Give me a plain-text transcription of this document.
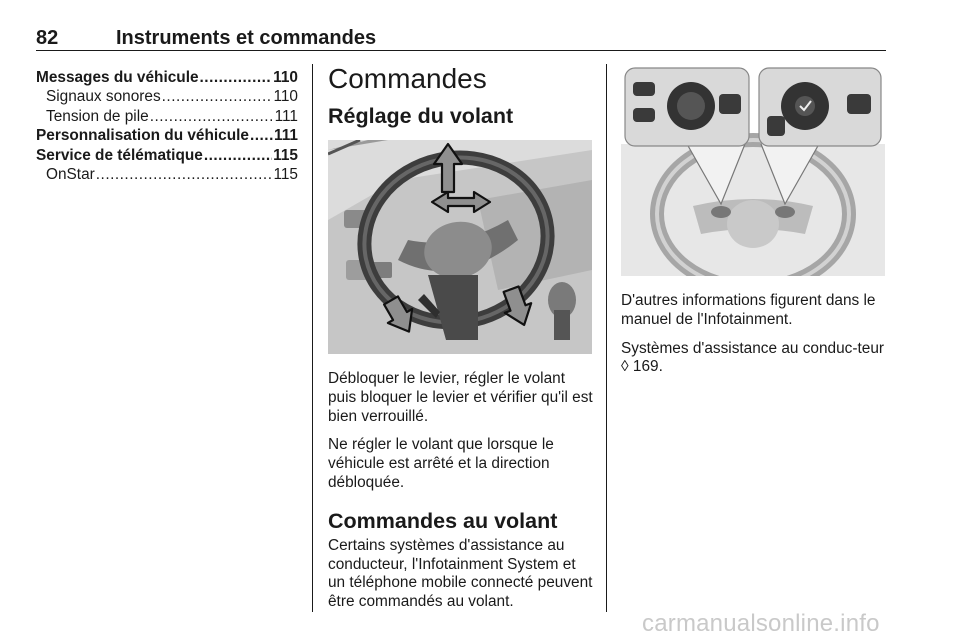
82	Instruments et commandes
Messages du véhicule .....	110
Signaux sonores .....	110
Tension de pile .....	111
Personnalisation du véhicule ..... 111
Service de télématique .....	115
OnStar .....	115
Commandes
Réglage du volant

Débloquer le levier, régler le volant puis bloquer le levier et vérifier qu'il est bien verrouillé.

Ne régler le volant que lorsque le véhicule est arrêté et la direction débloquée.

Commandes au volant

Certains systèmes d'assistance au conducteur, l'Infotainment System et un téléphone mobile connecté peuvent être commandés au volant.

D'autres informations figurent dans le manuel de l'Infotainment.

Systèmes d'assistance au conduc-teur ◊ 169.

carmanualsonline.info
